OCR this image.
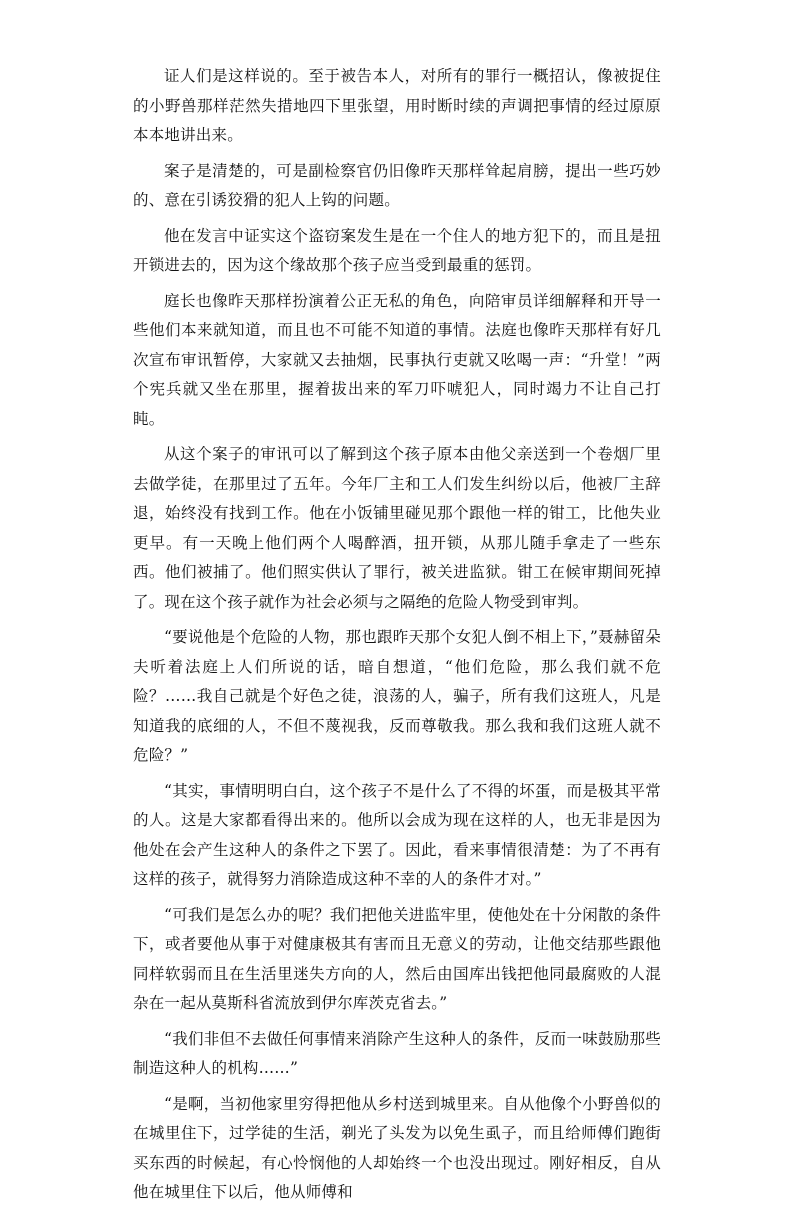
证人们是这样说的。至于被告本人，对所有的罪行一概招认，像被捉住的小野兽那样茫然失措地四下里张望，用时断时续的声调把事情的经过原原本本地讲出来。

案子是清楚的，可是副检察官仍旧像昨天那样耸起肩膀，提出一些巧妙的、意在引诱狡猾的犯人上钩的问题。

他在发言中证实这个盗窃案发生是在一个住人的地方犯下的，而且是扭开锁进去的，因为这个缘故那个孩子应当受到最重的惩罚。

庭长也像昨天那样扮演着公正无私的角色，向陪审员详细解释和开导一些他们本来就知道，而且也不可能不知道的事情。法庭也像昨天那样有好几次宣布审讯暂停，大家就又去抽烟，民事执行吏就又吆喝一声：“升堂！”两个宪兵就又坐在那里，握着拔出来的军刀吓唬犯人，同时竭力不让自己打盹。

从这个案子的审讯可以了解到这个孩子原本由他父亲送到一个卷烟厂里去做学徒，在那里过了五年。今年厂主和工人们发生纠纷以后，他被厂主辞退，始终没有找到工作。他在小饭铺里碰见那个跟他一样的钳工，比他失业更早。有一天晚上他们两个人喝醉酒，扭开锁，从那儿随手拿走了一些东西。他们被捕了。他们照实供认了罪行，被关进监狱。钳工在候审期间死掉了。现在这个孩子就作为社会必须与之隔绝的危险人物受到审判。

“要说他是个危险的人物，那也跟昨天那个女犯人倒不相上下，”聂赫留朵夫听着法庭上人们所说的话，暗自想道，“他们危险，那么我们就不危险？……我自己就是个好色之徒，浪荡的人，骗子，所有我们这班人，凡是知道我的底细的人，不但不蔑视我，反而尊敬我。那么我和我们这班人就不危险？”

“其实，事情明明白白，这个孩子不是什么了不得的坏蛋，而是极其平常的人。这是大家都看得出来的。他所以会成为现在这样的人，也无非是因为他处在会产生这种人的条件之下罢了。因此，看来事情很清楚：为了不再有这样的孩子，就得努力消除造成这种不幸的人的条件才对。”

“可我们是怎么办的呢？我们把他关进监牢里，使他处在十分闲散的条件下，或者要他从事于对健康极其有害而且无意义的劳动，让他交结那些跟他同样软弱而且在生活里迷失方向的人，然后由国库出钱把他同最腐败的人混杂在一起从莫斯科省流放到伊尔库茨克省去。”

“我们非但不去做任何事情来消除产生这种人的条件，反而一味鼓励那些制造这种人的机构……”

“是啊，当初他家里穷得把他从乡村送到城里来。自从他像个小野兽似的在城里住下，过学徒的生活，剃光了头发为以免生虱子，而且给师傅们跑街买东西的时候起，有心怜悯他的人却始终一个也没出现过。刚好相反，自从他在城里住下以后，他从师傅和
